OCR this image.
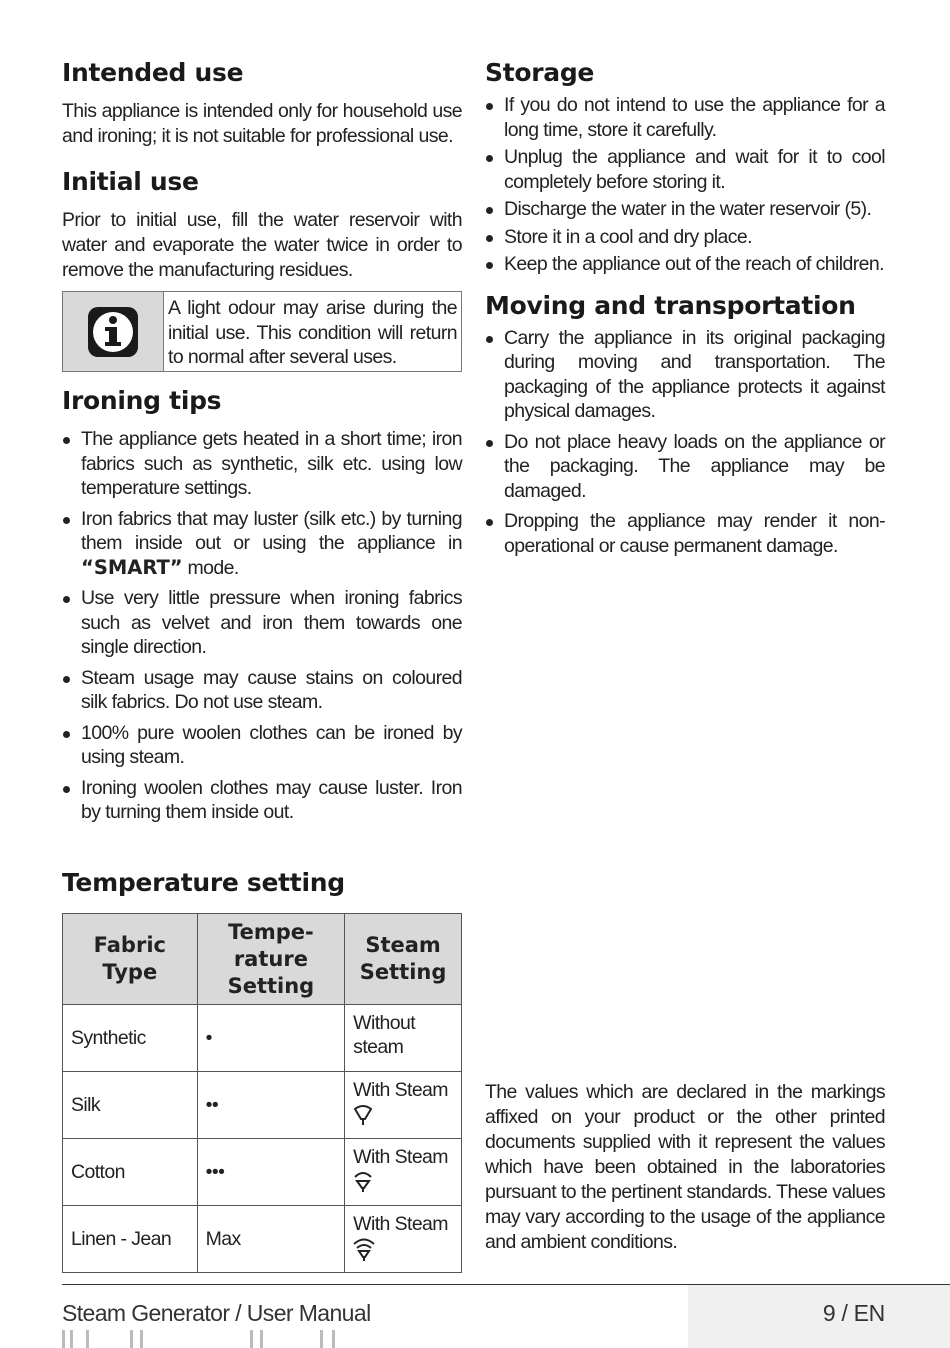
Intended use

This appliance is intended only for household use and ironing; it is not suitable for professional use.

Initial use

Prior to initial use, fill the water reservoir with water and evaporate the water twice in order to remove the manufacturing residues.

A light odour may arise during the initial use. This condition will return to normal after several uses.
Ironing tips
The appliance gets heated in a short time; iron fabrics such as synthetic, silk etc. using low temperature settings.
Iron fabrics that may luster (silk etc.) by turning them inside out or using the appliance in “SMART” mode.
Use very little pressure when ironing fabrics such as velvet and iron them towards one single direction.
Steam usage may cause stains on coloured silk fabrics. Do not use steam.
100% pure woolen clothes can be ironed by using steam.
Ironing woolen clothes may cause luster. Iron by turning them inside out.
Temperature setting
Fabric Type	Tempe-rature Setting	Steam Setting
Synthetic	•	Without steam
Silk	••	With Steam

Cotton	•••	With Steam

Linen - Jean	Max	With Steam
Storage
If you do not intend to use the appliance for a long time, store it carefully.
Unplug the appliance and wait for it to cool completely before storing it.
Discharge the water in the water reservoir (5).
Store it in a cool and dry place.
Keep the appliance out of the reach of children.
Moving and transportation
Carry the appliance in its original packaging during moving and transportation. The packaging of the appliance protects it against physical damages.
Do not place heavy loads on the appliance or the packaging. The appliance may be damaged.
Dropping the appliance may render it non-operational or cause permanent damage.

The values which are declared in the markings affixed on your product or the other printed documents supplied with it represent the values which have been obtained in the laboratories pursuant to the pertinent standards. These values may vary according to the usage of the appliance and ambient conditions.

Steam Generator / User Manual	9 / EN
